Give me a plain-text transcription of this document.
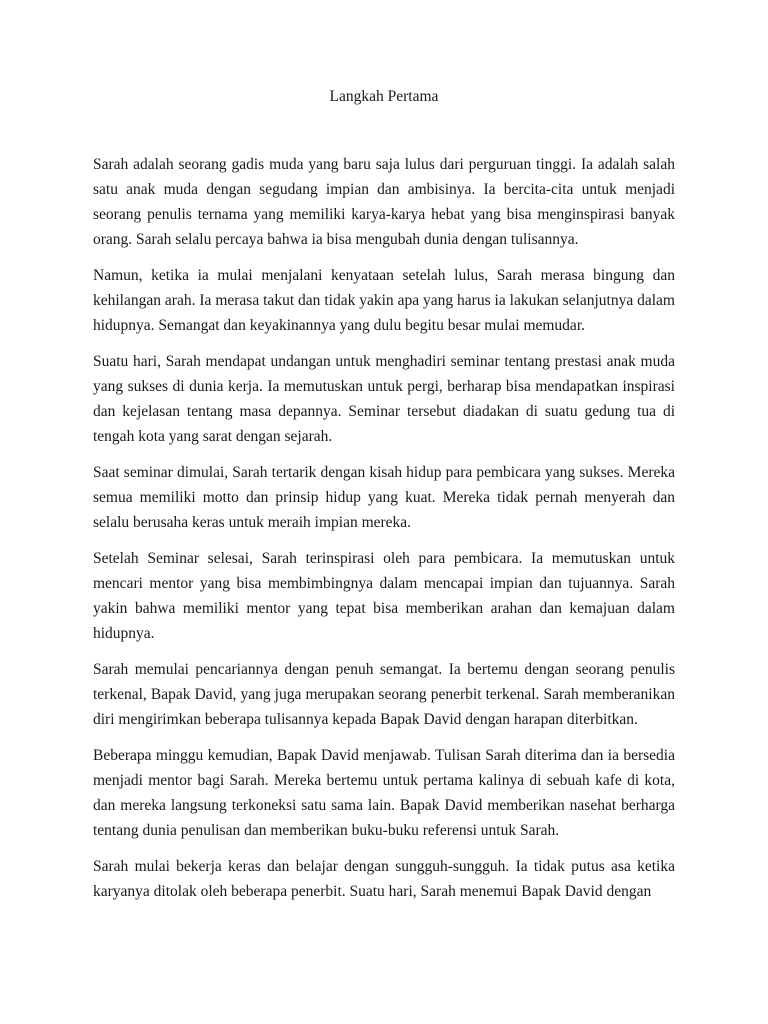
Langkah Pertama

Sarah adalah seorang gadis muda yang baru saja lulus dari perguruan tinggi. Ia adalah salah satu anak muda dengan segudang impian dan ambisinya. Ia bercita-cita untuk menjadi seorang penulis ternama yang memiliki karya-karya hebat yang bisa menginspirasi banyak orang. Sarah selalu percaya bahwa ia bisa mengubah dunia dengan tulisannya.

Namun, ketika ia mulai menjalani kenyataan setelah lulus, Sarah merasa bingung dan kehilangan arah. Ia merasa takut dan tidak yakin apa yang harus ia lakukan selanjutnya dalam hidupnya. Semangat dan keyakinannya yang dulu begitu besar mulai memudar.

Suatu hari, Sarah mendapat undangan untuk menghadiri seminar tentang prestasi anak muda yang sukses di dunia kerja. Ia memutuskan untuk pergi, berharap bisa mendapatkan inspirasi dan kejelasan tentang masa depannya. Seminar tersebut diadakan di suatu gedung tua di tengah kota yang sarat dengan sejarah.

Saat seminar dimulai, Sarah tertarik dengan kisah hidup para pembicara yang sukses. Mereka semua memiliki motto dan prinsip hidup yang kuat. Mereka tidak pernah menyerah dan selalu berusaha keras untuk meraih impian mereka.

Setelah Seminar selesai, Sarah terinspirasi oleh para pembicara. Ia memutuskan untuk mencari mentor yang bisa membimbingnya dalam mencapai impian dan tujuannya. Sarah yakin bahwa memiliki mentor yang tepat bisa memberikan arahan dan kemajuan dalam hidupnya.

Sarah memulai pencariannya dengan penuh semangat. Ia bertemu dengan seorang penulis terkenal, Bapak David, yang juga merupakan seorang penerbit terkenal. Sarah memberanikan diri mengirimkan beberapa tulisannya kepada Bapak David dengan harapan diterbitkan.

Beberapa minggu kemudian, Bapak David menjawab. Tulisan Sarah diterima dan ia bersedia menjadi mentor bagi Sarah. Mereka bertemu untuk pertama kalinya di sebuah kafe di kota, dan mereka langsung terkoneksi satu sama lain. Bapak David memberikan nasehat berharga tentang dunia penulisan dan memberikan buku-buku referensi untuk Sarah.

Sarah mulai bekerja keras dan belajar dengan sungguh-sungguh. Ia tidak putus asa ketika karyanya ditolak oleh beberapa penerbit. Suatu hari, Sarah menemui Bapak David dengan
